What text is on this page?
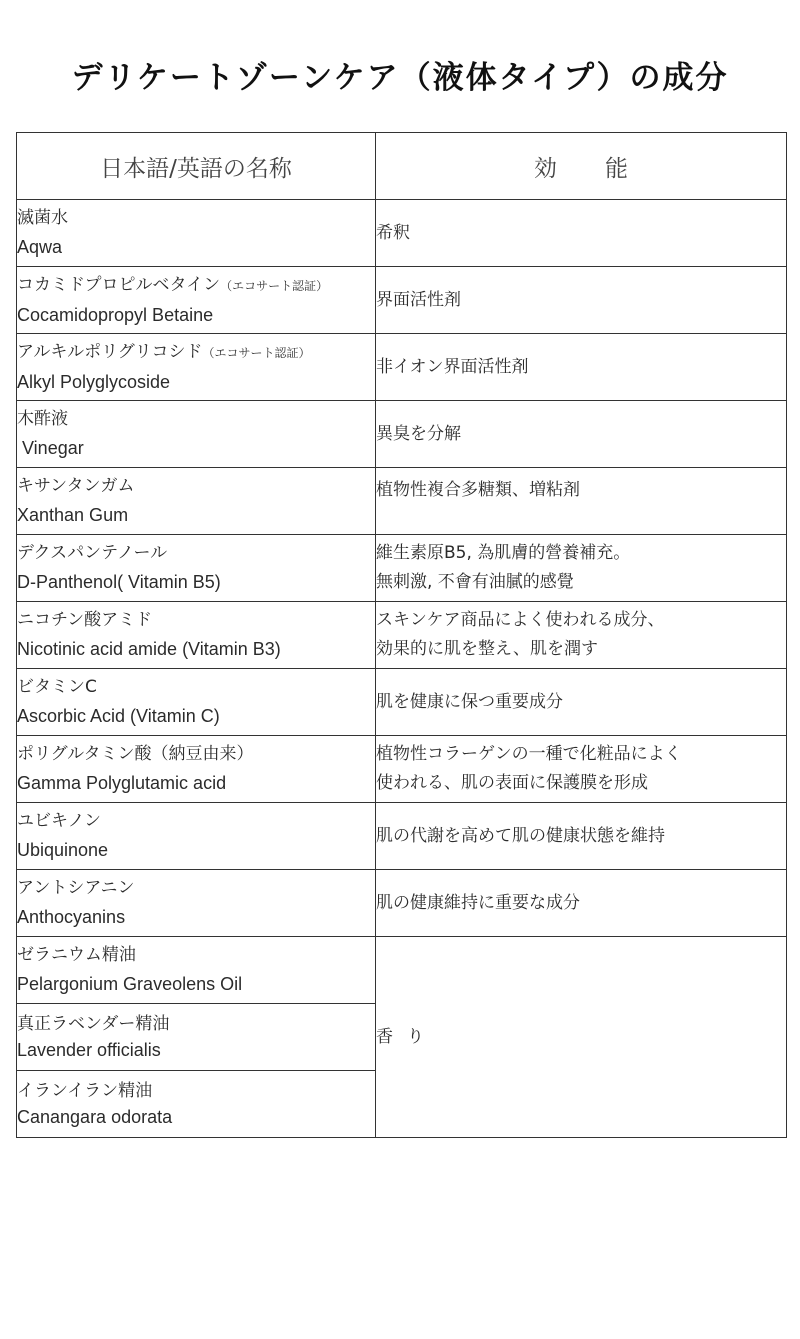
デリケートゾーンケア（液体タイプ）の成分
日本語/英語の名称	効能

滅菌水
Aqwa	希釈

コカミドプロピルベタイン（エコサート認証）
Cocamidopropyl Betaine	界面活性剤

アルキルポリグリコシド（エコサート認証）
Alkyl Polyglycoside	非イオン界面活性剤

木酢液
Vinegar	異臭を分解

キサンタンガム
Xanthan Gum	植物性複合多糖類、増粘剤

デクスパンテノール
D-Panthenol( Vitamin B5)	維生素原B5, 為肌膚的營養補充。
無刺激, 不會有油膩的感覺

ニコチン酸アミド
Nicotinic acid amide (Vitamin B3)	スキンケア商品によく使われる成分、
効果的に肌を整え、肌を潤す

ビタミンC
Ascorbic Acid (Vitamin C)	肌を健康に保つ重要成分

ポリグルタミン酸（納豆由来）
Gamma Polyglutamic acid	植物性コラーゲンの一種で化粧品によく
使われる、肌の表面に保護膜を形成

ユビキノン
Ubiquinone	肌の代謝を高めて肌の健康状態を維持

アントシアニン
Anthocyanins	肌の健康維持に重要な成分

ゼラニウム精油
Pelargonium Graveolens Oil	香り

真正ラベンダー精油
Lavender officialis	

イランイラン精油
Canangara odorata	
